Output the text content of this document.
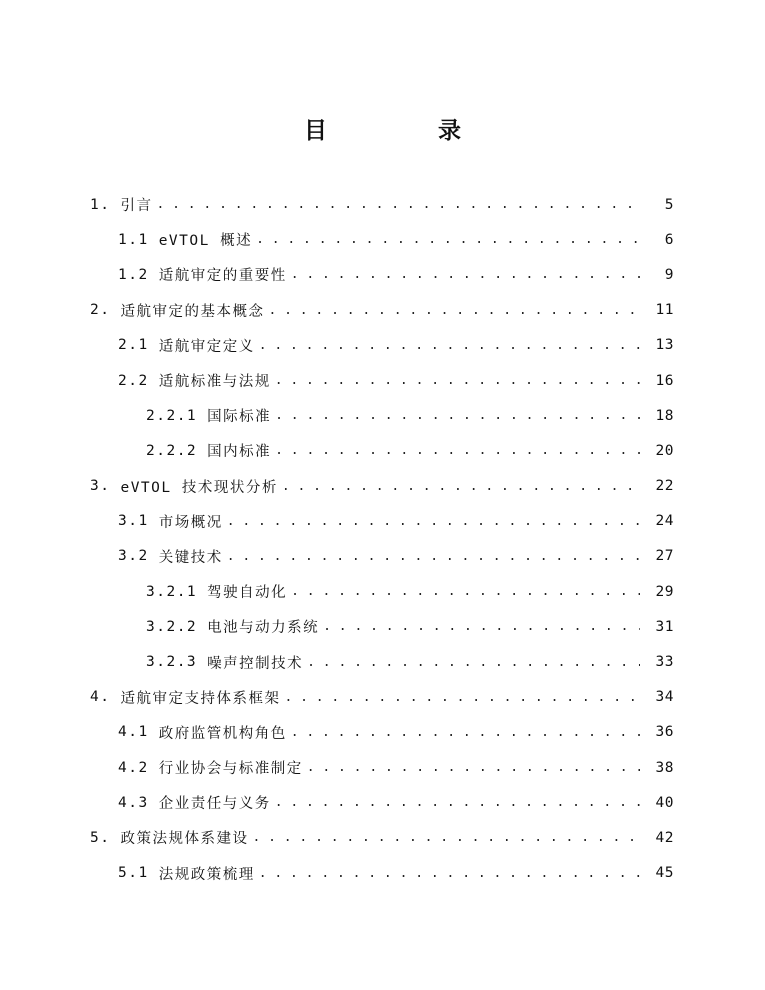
目　录
1. 引言 . . .	5
1.1 eVTOL 概述 . . .	6
1.2 适航审定的重要性 . . .	9
2. 适航审定的基本概念 . . .	11
2.1 适航审定定义 . . .	13
2.2 适航标准与法规 . . .	16
2.2.1 国际标准 . . .	18
2.2.2 国内标准 . . .	20
3. eVTOL 技术现状分析 . . .	22
3.1 市场概况 . . .	24
3.2 关键技术 . . .	27
3.2.1 驾驶自动化 . . .	29
3.2.2 电池与动力系统 . . .	31
3.2.3 噪声控制技术 . . .	33
4. 适航审定支持体系框架 . . .	34
4.1 政府监管机构角色 . . .	36
4.2 行业协会与标准制定 . . .	38
4.3 企业责任与义务 . . .	40
5. 政策法规体系建设 . . .	42
5.1 法规政策梳理 . . .	45
